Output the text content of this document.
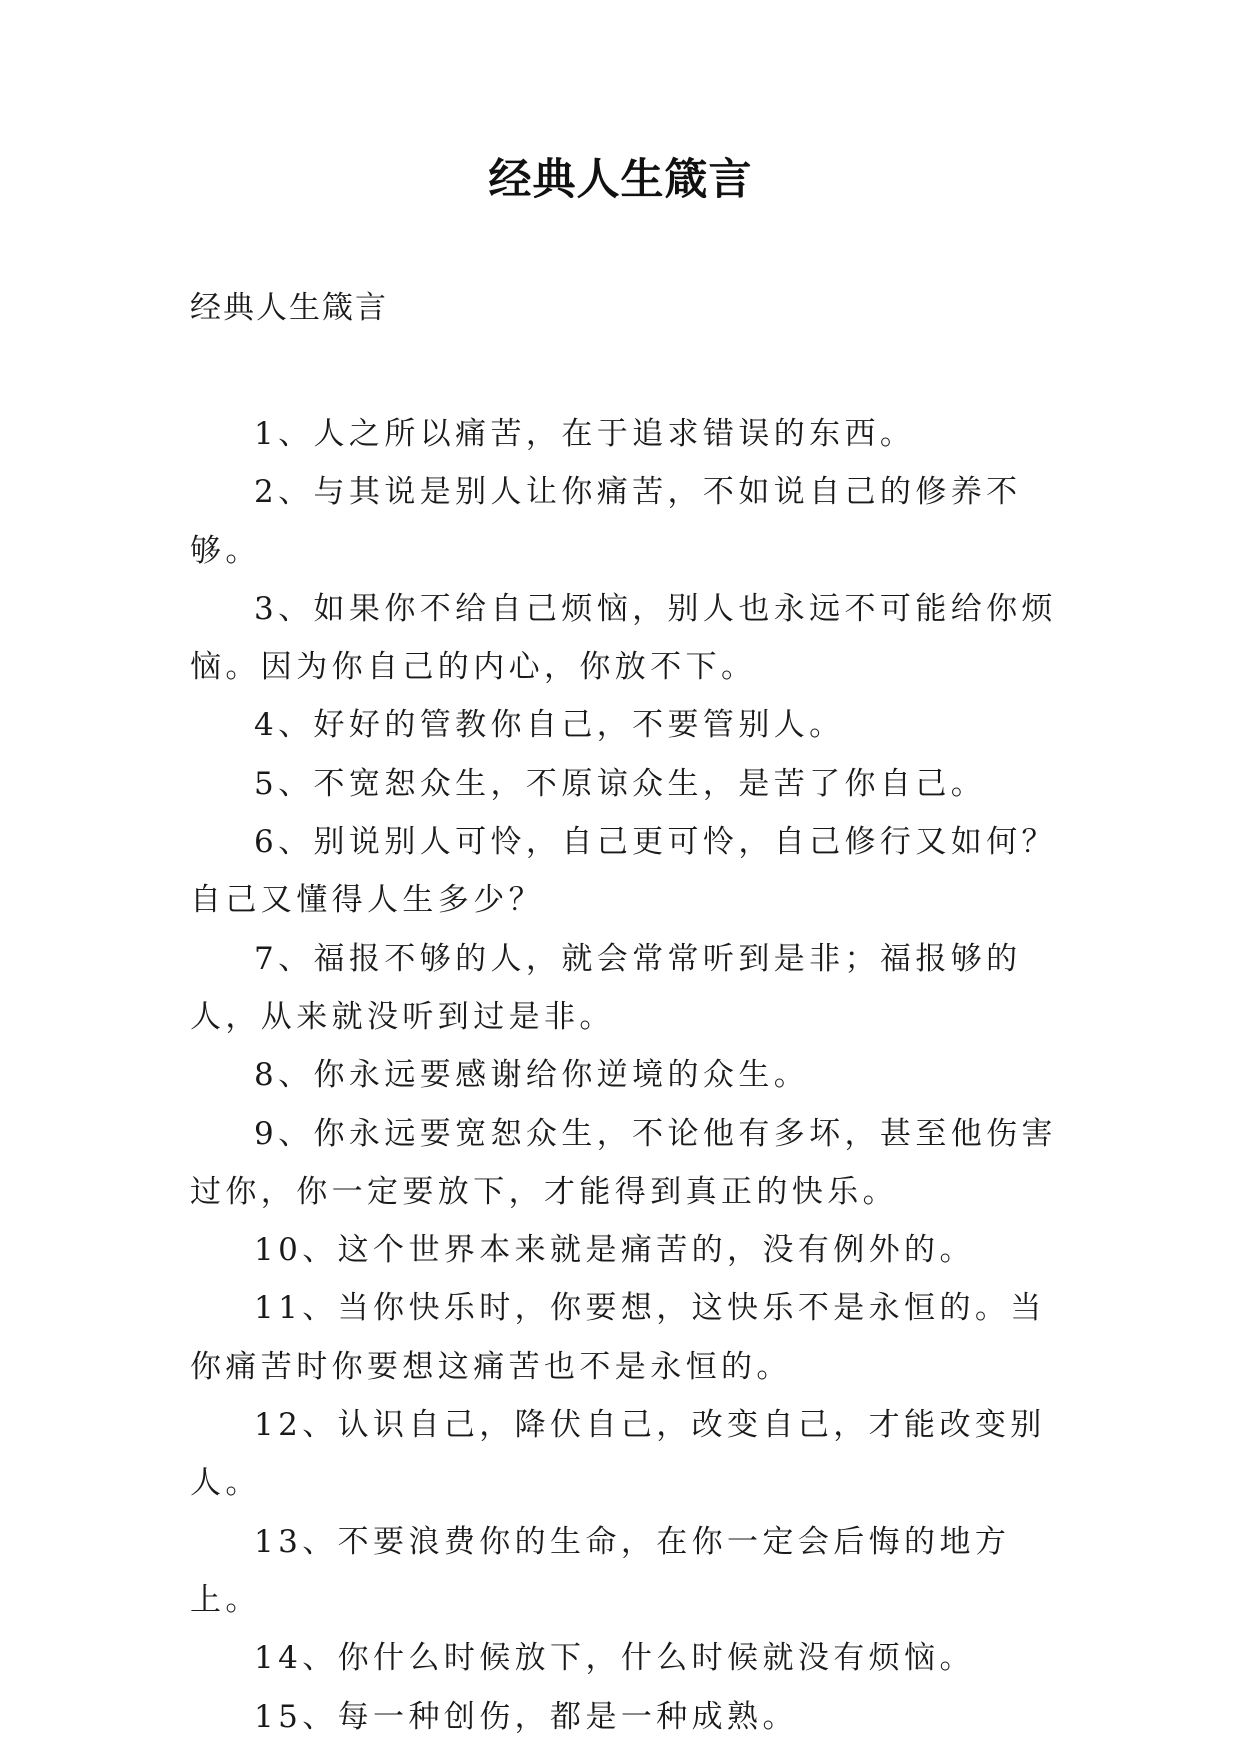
经典人生箴言

经典人生箴言

1、人之所以痛苦，在于追求错误的东西。

2、与其说是别人让你痛苦，不如说自己的修养不够。

3、如果你不给自己烦恼，别人也永远不可能给你烦恼。因为你自己的内心，你放不下。

4、好好的管教你自己，不要管别人。

5、不宽恕众生，不原谅众生，是苦了你自己。

6、别说别人可怜，自己更可怜，自己修行又如何？自己又懂得人生多少？

7、福报不够的人，就会常常听到是非；福报够的人，从来就没听到过是非。

8、你永远要感谢给你逆境的众生。

9、你永远要宽恕众生，不论他有多坏，甚至他伤害过你，你一定要放下，才能得到真正的快乐。

10、这个世界本来就是痛苦的，没有例外的。

11、当你快乐时，你要想，这快乐不是永恒的。当你痛苦时你要想这痛苦也不是永恒的。

12、认识自己，降伏自己，改变自己，才能改变别人。

13、不要浪费你的生命，在你一定会后悔的地方上。

14、你什么时候放下，什么时候就没有烦恼。

15、每一种创伤，都是一种成熟。
